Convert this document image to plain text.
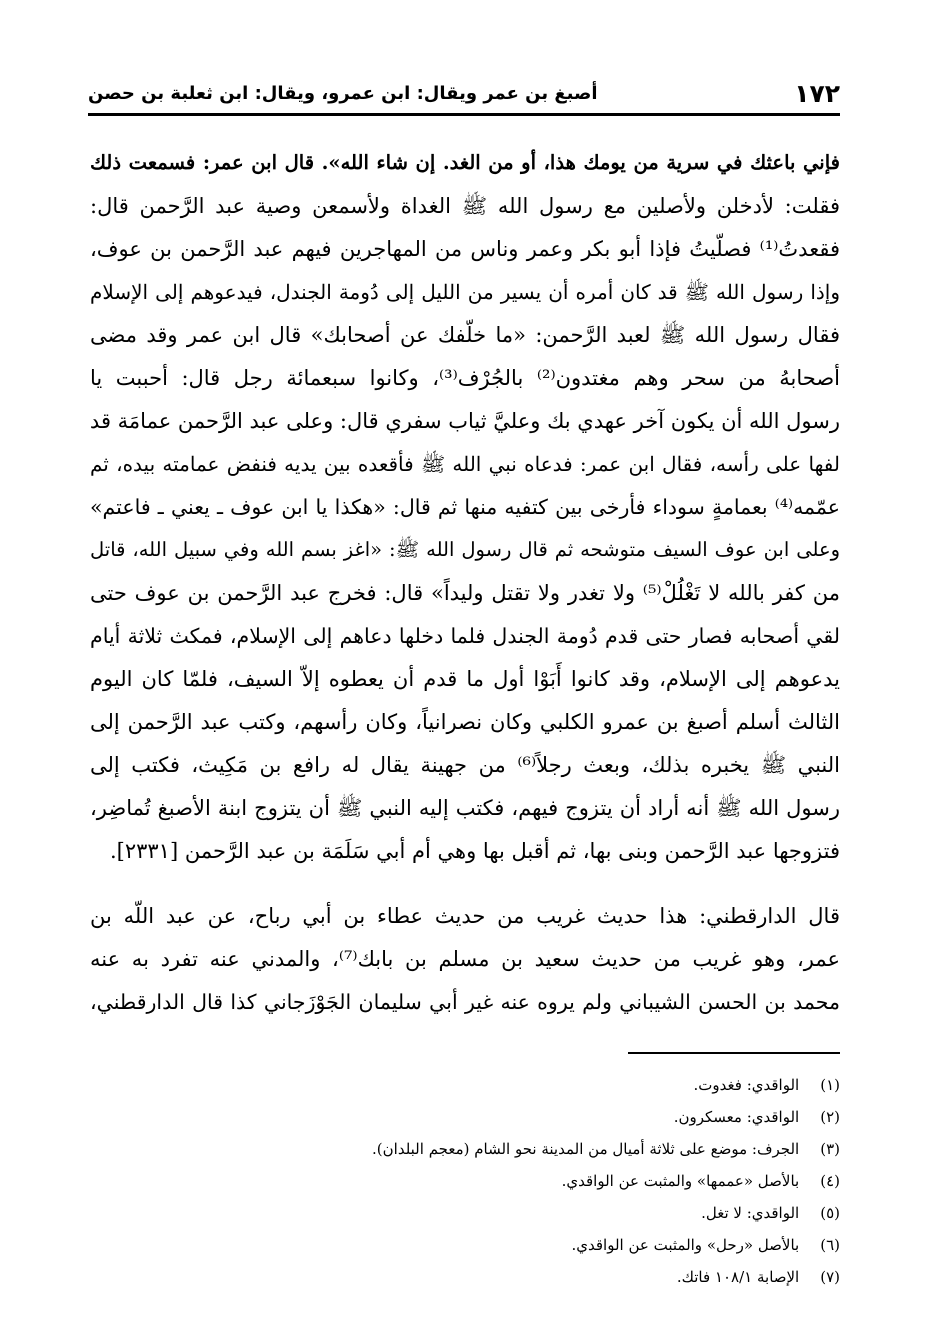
١٧٢
أصبغ بن عمر ويقال: ابن عمرو، ويقال: ابن ثعلبة بن حصن
فإني باعثك في سرية من يومك هذا، أو من الغد. إن شاء الله». قال ابن عمر: فسمعت ذلك
فقلت: لأدخلن ولأصلين مع رسول الله ﷺ الغداة ولأسمعن وصية عبد الرَّحمن قال:
فقعدتُ⁽¹⁾ فصلّيتُ فإذا أبو بكر وعمر وناس من المهاجرين فيهم عبد الرَّحمن بن عوف،
وإذا رسول الله ﷺ قد كان أمره أن يسير من الليل إلى دُومة الجندل، فيدعوهم إلى الإسلام
فقال رسول الله ﷺ لعبد الرَّحمن: «ما خلّفك عن أصحابك» قال ابن عمر وقد مضى
أصحابهُ من سحر وهم مغتدون⁽²⁾ بالجُرْف⁽³⁾، وكانوا سبعمائة رجل قال: أحببت يا
رسول الله أن يكون آخر عهدي بك وعليَّ ثياب سفري قال: وعلى عبد الرَّحمن عمامَة قد
لفها على رأسه، فقال ابن عمر: فدعاه نبي الله ﷺ فأقعده بين يديه فنفض عمامته بيده، ثم
عمّمه⁽⁴⁾ بعمامةٍ سوداء فأرخى بين كتفيه منها ثم قال: «هكذا يا ابن عوف ـ يعني ـ فاعتم»
وعلى ابن عوف السيف متوشحه ثم قال رسول الله ﷺ: «اغز بسم الله وفي سبيل الله، قاتل
من كفر بالله لا تَغْلُلْ⁽⁵⁾ ولا تغدر ولا تقتل وليداً» قال: فخرج عبد الرَّحمن بن عوف حتى
لقي أصحابه فصار حتى قدم دُومة الجندل فلما دخلها دعاهم إلى الإسلام، فمكث ثلاثة أيام
يدعوهم إلى الإسلام، وقد كانوا أَبَوْا أول ما قدم أن يعطوه إلاّ السيف، فلمّا كان اليوم
الثالث أسلم أصبغ بن عمرو الكلبي وكان نصرانياً، وكان رأسهم، وكتب عبد الرَّحمن إلى
النبي ﷺ يخبره بذلك، وبعث رجلاً⁽⁶⁾ من جهينة يقال له رافع بن مَكِيث، فكتب إلى
رسول الله ﷺ أنه أراد أن يتزوج فيهم، فكتب إليه النبي ﷺ أن يتزوج ابنة الأصبغ تُماضِر،
فتزوجها عبد الرَّحمن وبنى بها، ثم أقبل بها وهي أم أبي سَلَمَة بن عبد الرَّحمن [٢٣٣١].
قال الدارقطني: هذا حديث غريب من حديث عطاء بن أبي رباح، عن عبد اللّه بن
عمر، وهو غريب من حديث سعيد بن مسلم بن بابك⁽⁷⁾، والمدني عنه تفرد به عنه
محمد بن الحسن الشيباني ولم يروه عنه غير أبي سليمان الجَوْزَجاني كذا قال الدارقطني،
(١) الواقدي: فغدوت.
(٢) الواقدي: معسكرون.
(٣) الجرف: موضع على ثلاثة أميال من المدينة نحو الشام (معجم البلدان).
(٤) بالأصل «عممها» والمثبت عن الواقدي.
(٥) الواقدي: لا تغل.
(٦) بالأصل «رحل» والمثبت عن الواقدي.
(٧) الإصابة ١٠٨/١ فاتك.
